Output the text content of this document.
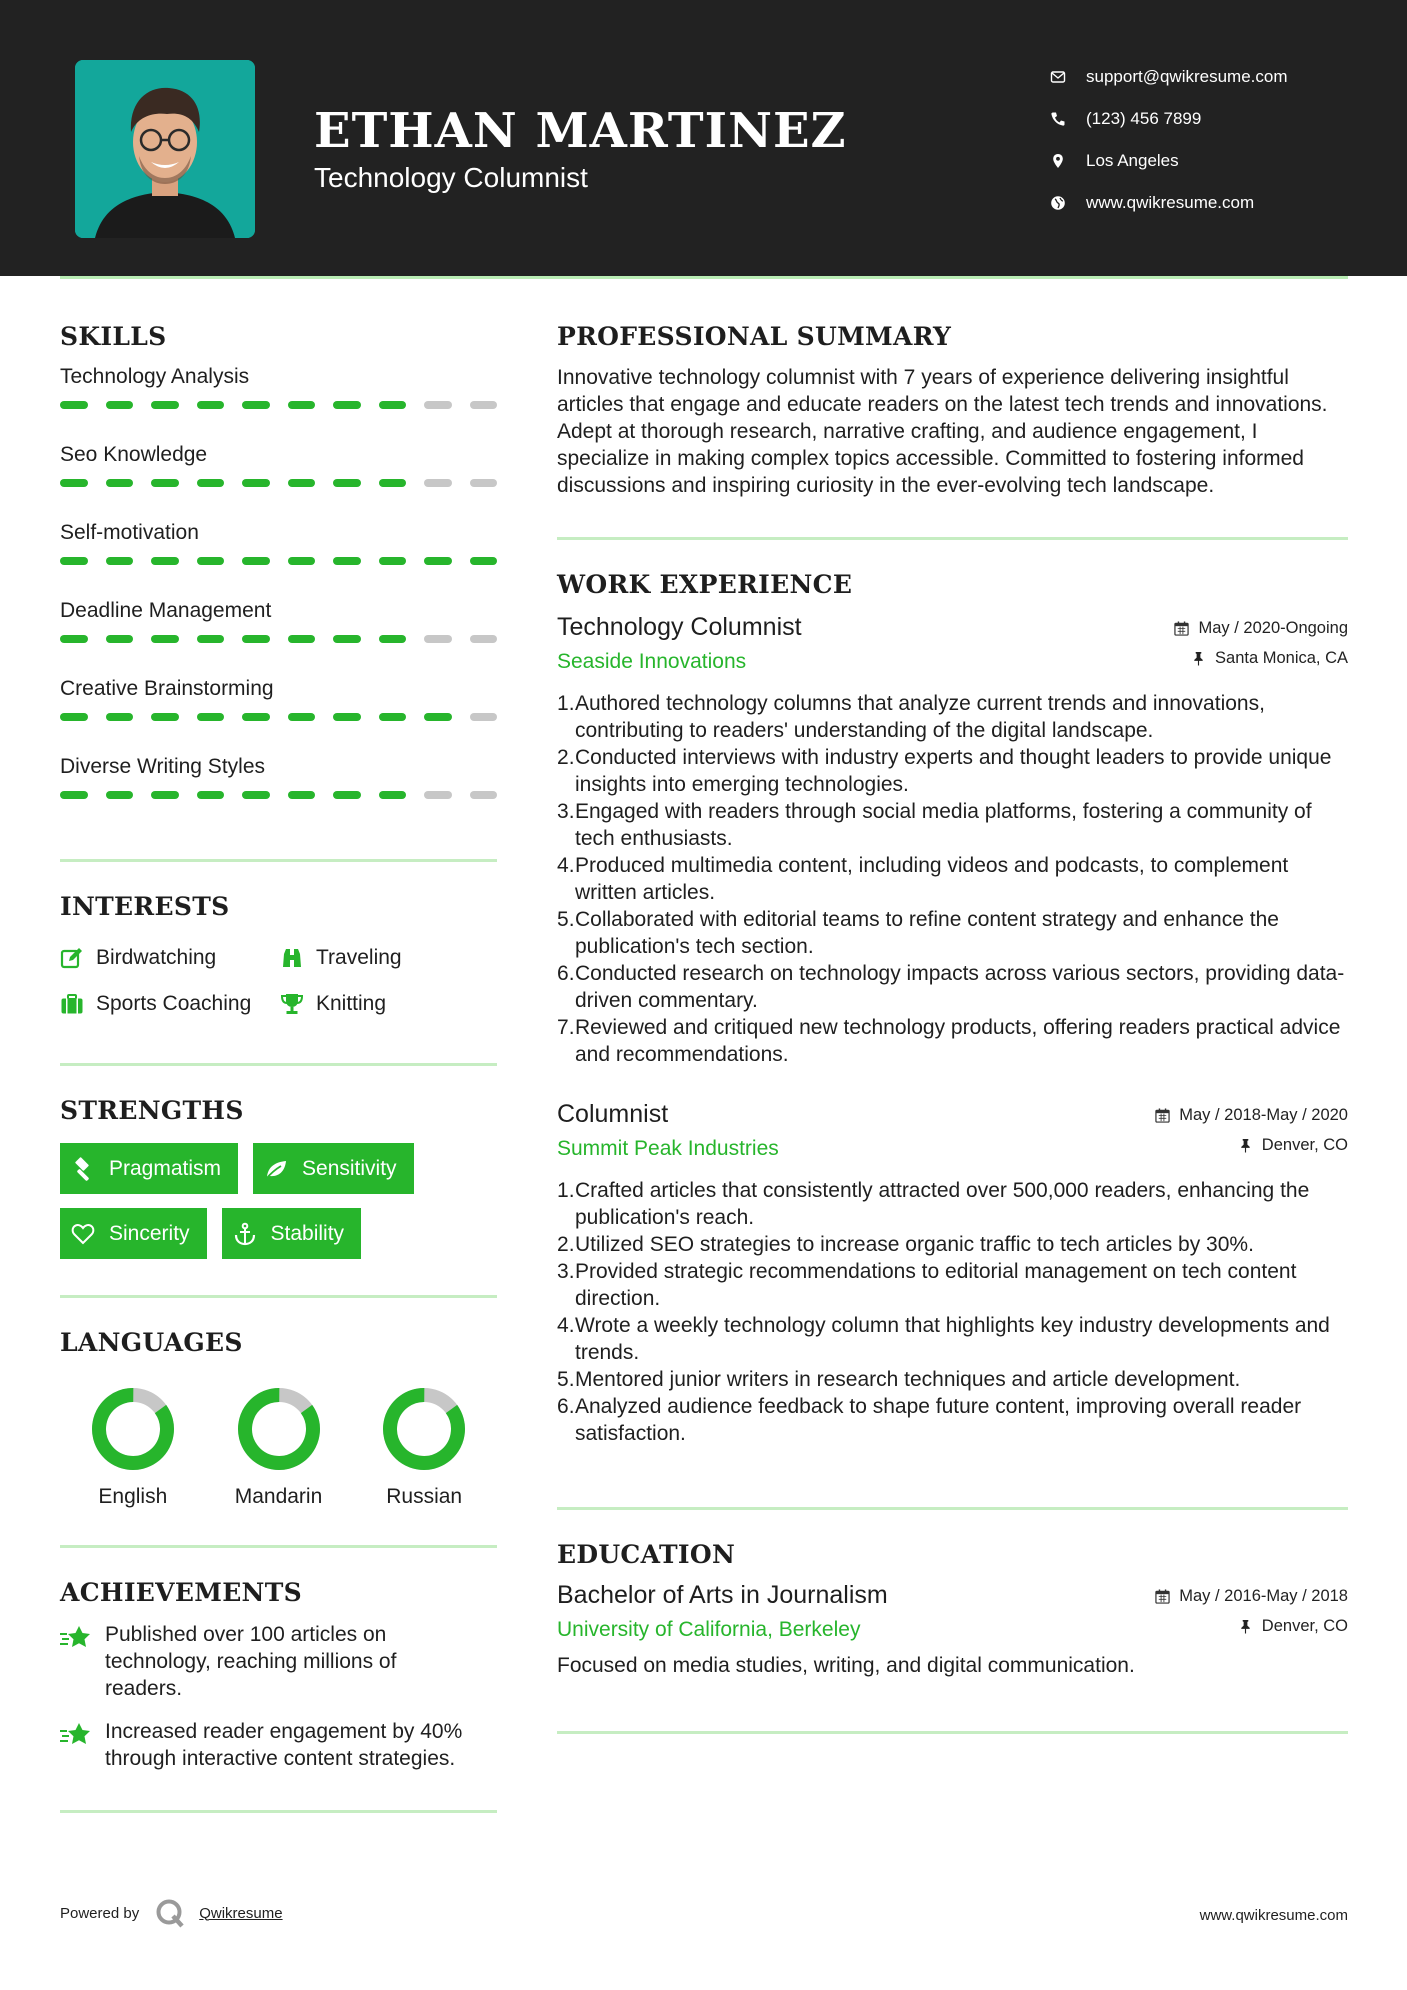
ETHAN MARTINEZ
Technology Columnist
support@qwikresume.com
(123) 456 7899
Los Angeles
www.qwikresume.com
SKILLS
Technology Analysis
Seo Knowledge
Self-motivation
Deadline Management
Creative Brainstorming
Diverse Writing Styles
INTERESTS
Birdwatching	Traveling
Sports Coaching	Knitting
STRENGTHS
Pragmatism	Sensitivity
Sincerity	Stability
LANGUAGES
English	Mandarin	Russian
ACHIEVEMENTS
Published over 100 articles on technology, reaching millions of readers.
Increased reader engagement by 40% through interactive content strategies.
PROFESSIONAL SUMMARY
Innovative technology columnist with 7 years of experience delivering insightful articles that engage and educate readers on the latest tech trends and innovations. Adept at thorough research, narrative crafting, and audience engagement, I specialize in making complex topics accessible. Committed to fostering informed discussions and inspiring curiosity in the ever-evolving tech landscape.
WORK EXPERIENCE
Technology Columnist
Seaside Innovations
May / 2020-Ongoing
Santa Monica, CA
Authored technology columns that analyze current trends and innovations, contributing to readers' understanding of the digital landscape.
Conducted interviews with industry experts and thought leaders to provide unique insights into emerging technologies.
Engaged with readers through social media platforms, fostering a community of tech enthusiasts.
Produced multimedia content, including videos and podcasts, to complement written articles.
Collaborated with editorial teams to refine content strategy and enhance the publication's tech section.
Conducted research on technology impacts across various sectors, providing data-driven commentary.
Reviewed and critiqued new technology products, offering readers practical advice and recommendations.
Columnist
Summit Peak Industries
May / 2018-May / 2020
Denver, CO
Crafted articles that consistently attracted over 500,000 readers, enhancing the publication's reach.
Utilized SEO strategies to increase organic traffic to tech articles by 30%.
Provided strategic recommendations to editorial management on tech content direction.
Wrote a weekly technology column that highlights key industry developments and trends.
Mentored junior writers in research techniques and article development.
Analyzed audience feedback to shape future content, improving overall reader satisfaction.
EDUCATION
Bachelor of Arts in Journalism
University of California, Berkeley
May / 2016-May / 2018
Denver, CO
Focused on media studies, writing, and digital communication.
Powered by	Qwikresume	www.qwikresume.com
